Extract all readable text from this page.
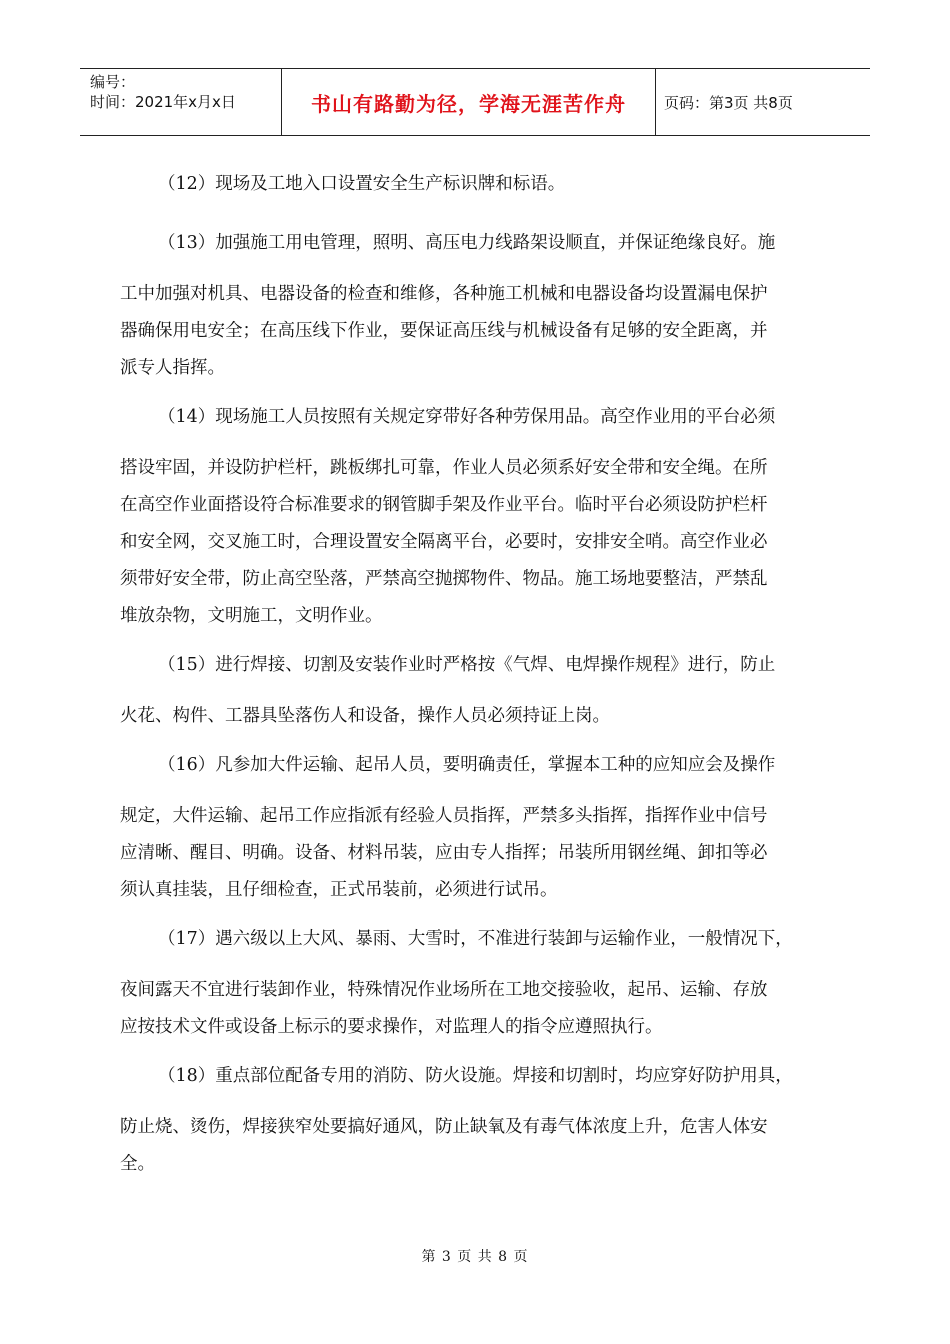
编号：
时间：2021年x月x日	书山有路勤为径，学海无涯苦作舟	页码：第3页 共8页
（12）现场及工地入口设置安全生产标识牌和标语。
（13）加强施工用电管理，照明、高压电力线路架设顺直，并保证绝缘良好。施
工中加强对机具、电器设备的检查和维修，各种施工机械和电器设备均设置漏电保护
器确保用电安全；在高压线下作业，要保证高压线与机械设备有足够的安全距离，并
派专人指挥。
（14）现场施工人员按照有关规定穿带好各种劳保用品。高空作业用的平台必须
搭设牢固，并设防护栏杆，跳板绑扎可靠，作业人员必须系好安全带和安全绳。在所
在高空作业面搭设符合标准要求的钢管脚手架及作业平台。临时平台必须设防护栏杆
和安全网，交叉施工时，合理设置安全隔离平台，必要时，安排安全哨。高空作业必
须带好安全带，防止高空坠落，严禁高空抛掷物件、物品。施工场地要整洁，严禁乱
堆放杂物，文明施工，文明作业。
（15）进行焊接、切割及安装作业时严格按《气焊、电焊操作规程》进行，防止
火花、构件、工器具坠落伤人和设备，操作人员必须持证上岗。
（16）凡参加大件运输、起吊人员，要明确责任，掌握本工种的应知应会及操作
规定，大件运输、起吊工作应指派有经验人员指挥，严禁多头指挥，指挥作业中信号
应清晰、醒目、明确。设备、材料吊装，应由专人指挥；吊装所用钢丝绳、卸扣等必
须认真挂装，且仔细检查，正式吊装前，必须进行试吊。
（17）遇六级以上大风、暴雨、大雪时，不准进行装卸与运输作业，一般情况下，
夜间露天不宜进行装卸作业，特殊情况作业场所在工地交接验收，起吊、运输、存放
应按技术文件或设备上标示的要求操作，对监理人的指令应遵照执行。
（18）重点部位配备专用的消防、防火设施。焊接和切割时，均应穿好防护用具，
防止烧、烫伤，焊接狭窄处要搞好通风，防止缺氧及有毒气体浓度上升，危害人体安
全。
第 3 页 共 8 页
